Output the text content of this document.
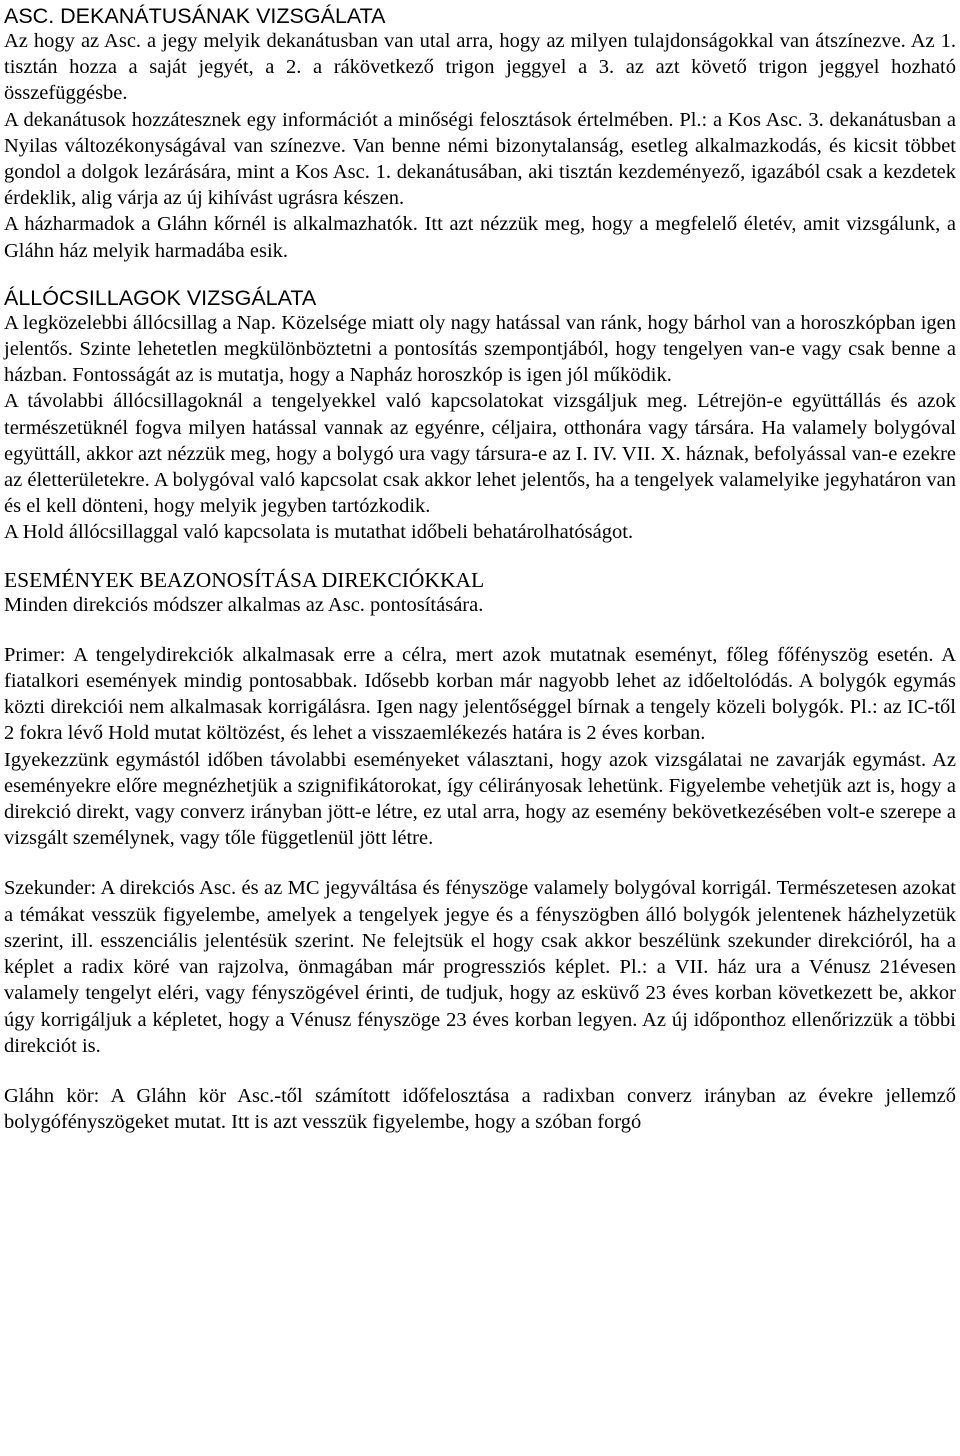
ASC. DEKANÁTUSÁNAK VIZSGÁLATA

Az hogy az Asc. a jegy melyik dekanátusban van utal arra, hogy az milyen tulajdonságokkal van átszínezve. Az 1. tisztán hozza a saját jegyét, a 2. a rákövetkező trigon jeggyel a 3. az azt követő trigon jeggyel hozható összefüggésbe.

A dekanátusok hozzátesznek egy információt a minőségi felosztások értelmében. Pl.: a Kos Asc. 3. dekanátusban a Nyilas változékonyságával van színezve. Van benne némi bizonytalanság, esetleg alkalmazkodás, és kicsit többet gondol a dolgok lezárására, mint a Kos Asc. 1. dekanátusában, aki tisztán kezdeményező, igazából csak a kezdetek érdeklik, alig várja az új kihívást ugrásra készen.

A házharmadok a Gláhn kőrnél is alkalmazhatók. Itt azt nézzük meg, hogy a megfelelő életév, amit vizsgálunk, a Gláhn ház melyik harmadába esik.

ÁLLÓCSILLAGOK VIZSGÁLATA

A legközelebbi állócsillag a Nap. Közelsége miatt oly nagy hatással van ránk, hogy bárhol van a horoszkópban igen jelentős. Szinte lehetetlen megkülönböztetni a pontosítás szempontjából, hogy tengelyen van-e vagy csak benne a házban. Fontosságát az is mutatja, hogy a Napház horoszkóp is igen jól működik.

A távolabbi állócsillagoknál a tengelyekkel való kapcsolatokat vizsgáljuk meg. Létrejön-e együttállás és azok természetüknél fogva milyen hatással vannak az egyénre, céljaira, otthonára vagy társára. Ha valamely bolygóval együttáll, akkor azt nézzük meg, hogy a bolygó ura vagy társura-e az I. IV. VII. X. háznak, befolyással van-e ezekre az életterületekre. A bolygóval való kapcsolat csak akkor lehet jelentős, ha a tengelyek valamelyike jegyhatáron van és el kell dönteni, hogy melyik jegyben tartózkodik.

A Hold állócsillaggal való kapcsolata is mutathat időbeli behatárolhatóságot.

ESEMÉNYEK BEAZONOSÍTÁSA DIREKCIÓKKAL

Minden direkciós módszer alkalmas az Asc. pontosítására.

Primer: A tengelydirekciók alkalmasak erre a célra, mert azok mutatnak eseményt, főleg főfényszög esetén. A fiatalkori események mindig pontosabbak. Idősebb korban már nagyobb lehet az időeltolódás. A bolygók egymás közti direkciói nem alkalmasak korrigálásra. Igen nagy jelentőséggel bírnak a tengely közeli bolygók. Pl.: az IC-től 2 fokra lévő Hold mutat költözést, és lehet a visszaemlékezés határa is 2 éves korban.

Igyekezzünk egymástól időben távolabbi eseményeket választani, hogy azok vizsgálatai ne zavarják egymást. Az eseményekre előre megnézhetjük a szignifikátorokat, így célirányosak lehetünk. Figyelembe vehetjük azt is, hogy a direkció direkt, vagy converz irányban jött-e létre, ez utal arra, hogy az esemény bekövetkezésében volt-e szerepe a vizsgált személynek, vagy tőle függetlenül jött létre.

Szekunder: A direkciós Asc. és az MC jegyváltása és fényszöge valamely bolygóval korrigál. Természetesen azokat a témákat vesszük figyelembe, amelyek a tengelyek jegye és a fényszögben álló bolygók jelentenek házhelyzetük szerint, ill. esszenciális jelentésük szerint. Ne felejtsük el hogy csak akkor beszélünk szekunder direkcióról, ha a képlet a radix köré van rajzolva, önmagában már progressziós képlet. Pl.: a VII. ház ura a Vénusz 21évesen valamely tengelyt eléri, vagy fényszögével érinti, de tudjuk, hogy az esküvő 23 éves korban következett be, akkor úgy korrigáljuk a képletet, hogy a Vénusz fényszöge 23 éves korban legyen. Az új időponthoz ellenőrizzük a többi direkciót is.

Gláhn kör: A Gláhn kör Asc.-től számított időfelosztása a radixban converz irányban az évekre jellemző bolygófényszögeket mutat. Itt is azt vesszük figyelembe, hogy a szóban forgó
